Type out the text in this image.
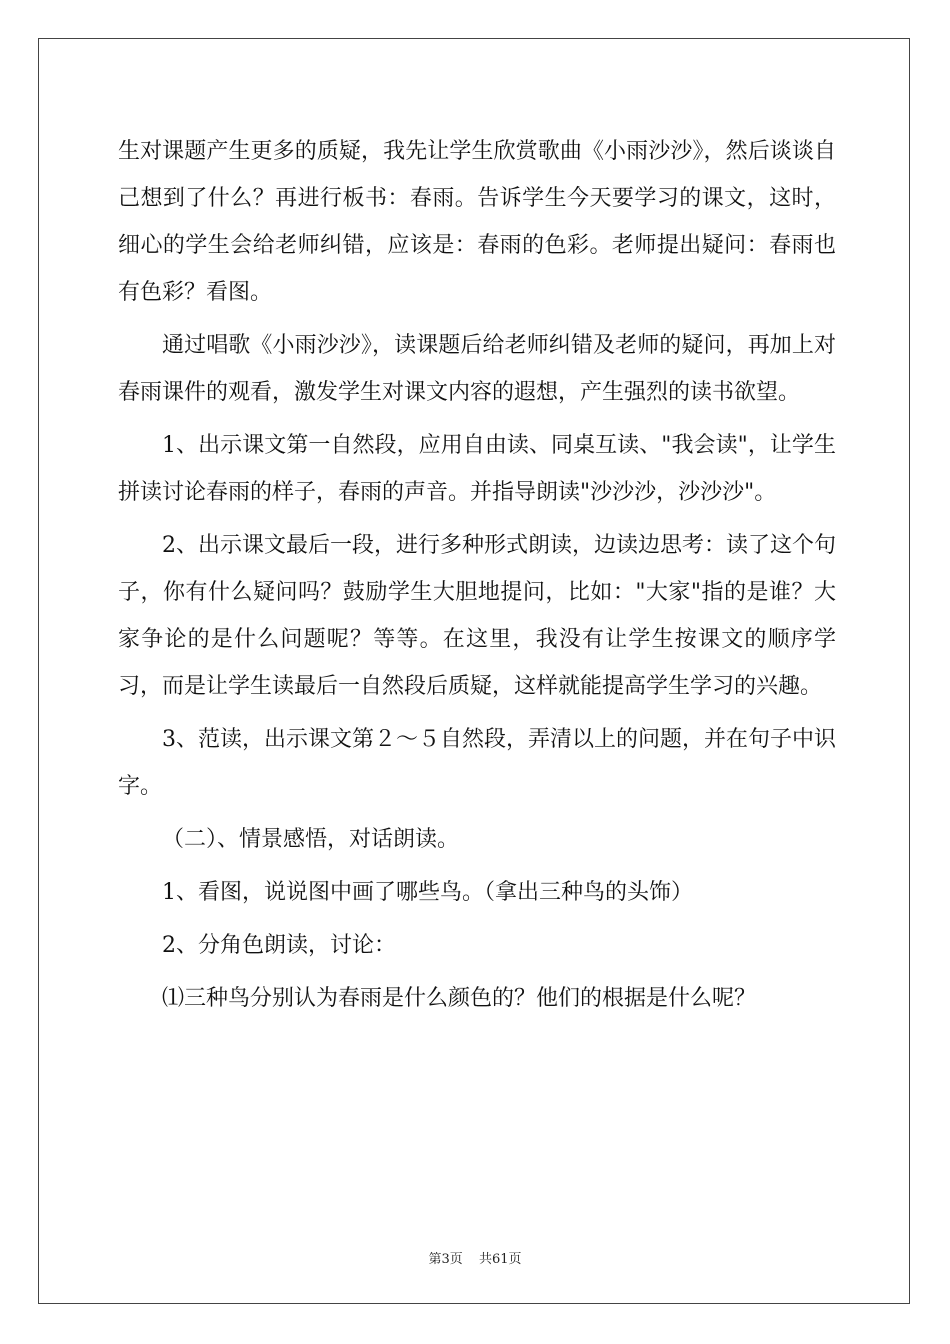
生对课题产生更多的质疑，我先让学生欣赏歌曲《小雨沙沙》，然后谈谈自己想到了什么？再进行板书：春雨。告诉学生今天要学习的课文，这时，细心的学生会给老师纠错，应该是：春雨的色彩。老师提出疑问：春雨也有色彩？看图。

通过唱歌《小雨沙沙》，读课题后给老师纠错及老师的疑问，再加上对春雨课件的观看，激发学生对课文内容的遐想，产生强烈的读书欲望。

1、出示课文第一自然段，应用自由读、同桌互读、"我会读"，让学生拼读讨论春雨的样子，春雨的声音。并指导朗读"沙沙沙，沙沙沙"。

2、出示课文最后一段，进行多种形式朗读，边读边思考：读了这个句子，你有什么疑问吗？鼓励学生大胆地提问，比如："大家"指的是谁？大家争论的是什么问题呢？等等。在这里，我没有让学生按课文的顺序学习，而是让学生读最后一自然段后质疑，这样就能提高学生学习的兴趣。

3、范读，出示课文第２～５自然段，弄清以上的问题，并在句子中识字。

（二）、情景感悟，对话朗读。

1、看图，说说图中画了哪些鸟。（拿出三种鸟的头饰）

2、分角色朗读，讨论：

⑴三种鸟分别认为春雨是什么颜色的？他们的根据是什么呢？

第3页 共61页
